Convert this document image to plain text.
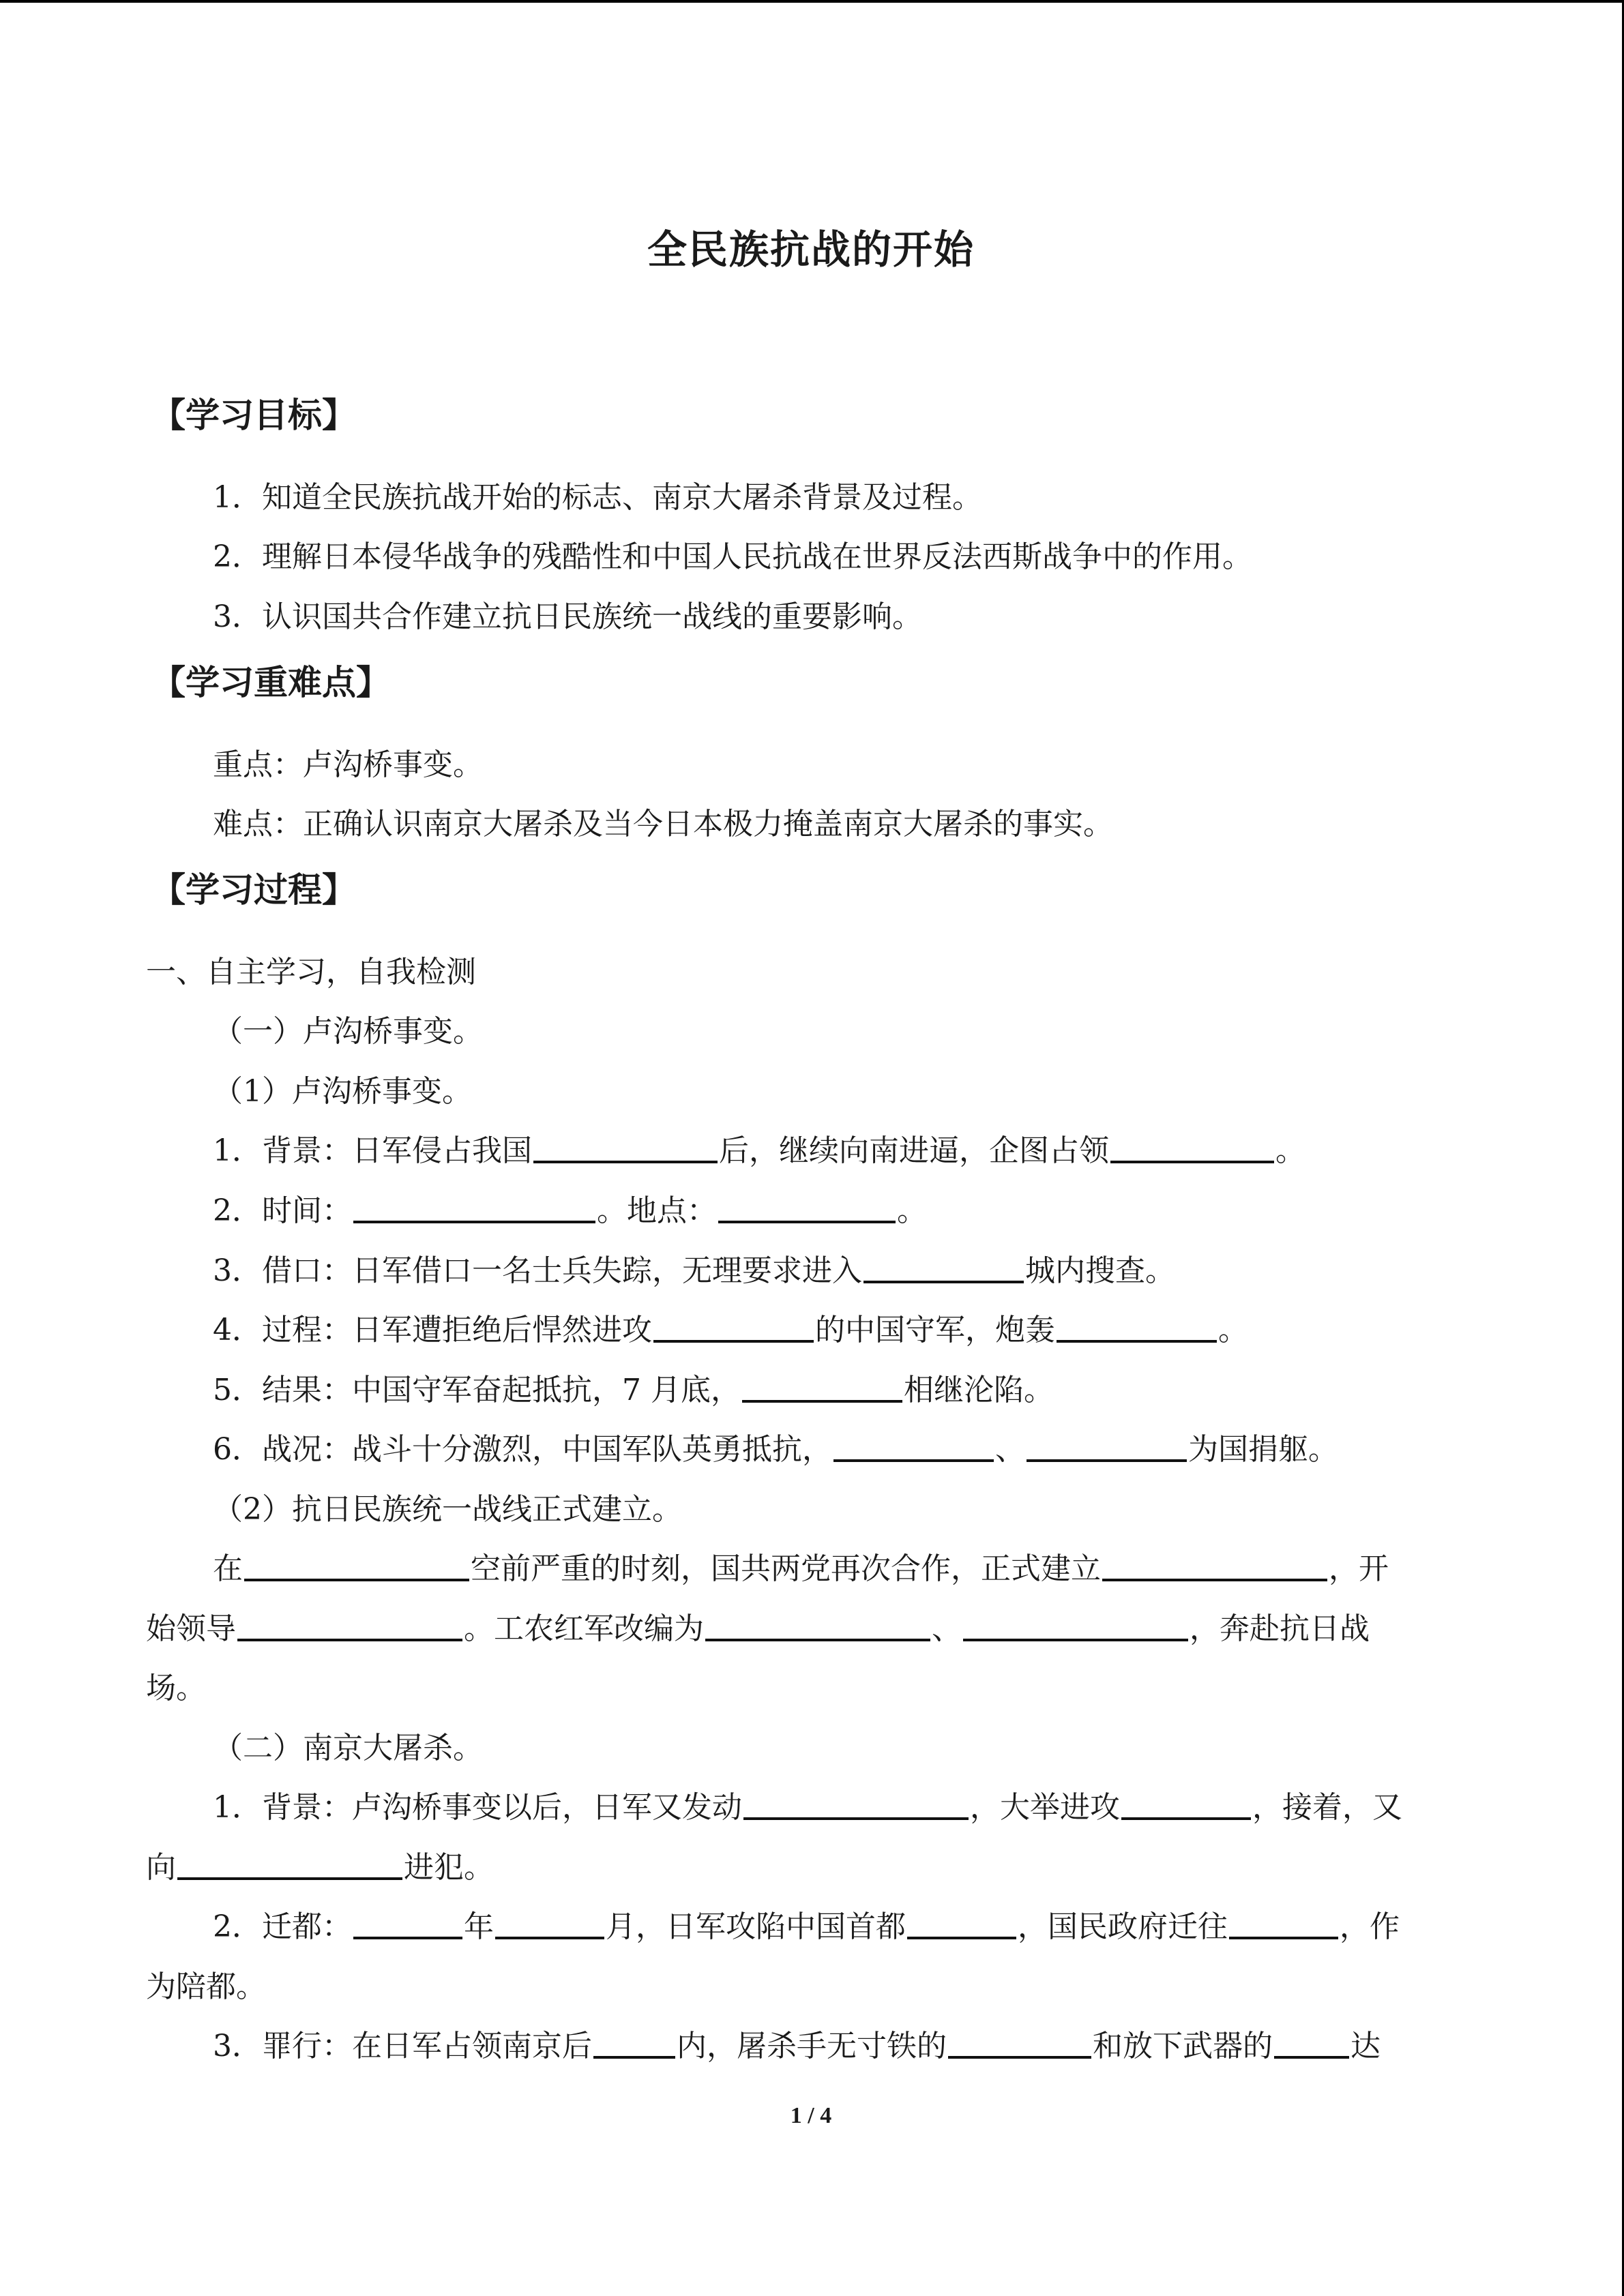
全民族抗战的开始
【学习目标】
1．知道全民族抗战开始的标志、南京大屠杀背景及过程。
2．理解日本侵华战争的残酷性和中国人民抗战在世界反法西斯战争中的作用。
3．认识国共合作建立抗日民族统一战线的重要影响。
【学习重难点】
重点：卢沟桥事变。
难点：正确认识南京大屠杀及当今日本极力掩盖南京大屠杀的事实。
【学习过程】
一、自主学习，自我检测
（一）卢沟桥事变。
（1）卢沟桥事变。
1．背景：日军侵占我国	后，继续向南进逼，企图占领	。
2．时间：	。地点：	。
3．借口：日军借口一名士兵失踪，无理要求进入	城内搜查。
4．过程：日军遭拒绝后悍然进攻	的中国守军，炮轰	。
5．结果：中国守军奋起抵抗，7 月底，	相继沦陷。
6．战况：战斗十分激烈，中国军队英勇抵抗，	、	为国捐躯。
（2）抗日民族统一战线正式建立。
在	空前严重的时刻，国共两党再次合作，正式建立	，开
始领导	。工农红军改编为	、	，奔赴抗日战
场。
（二）南京大屠杀。
1．背景：卢沟桥事变以后，日军又发动	，大举进攻	，接着，又
向	进犯。
2．迁都：	年	月，日军攻陷中国首都	，国民政府迁往	，作
为陪都。
3．罪行：在日军占领南京后	内，屠杀手无寸铁的	和放下武器的	达
1 / 4
